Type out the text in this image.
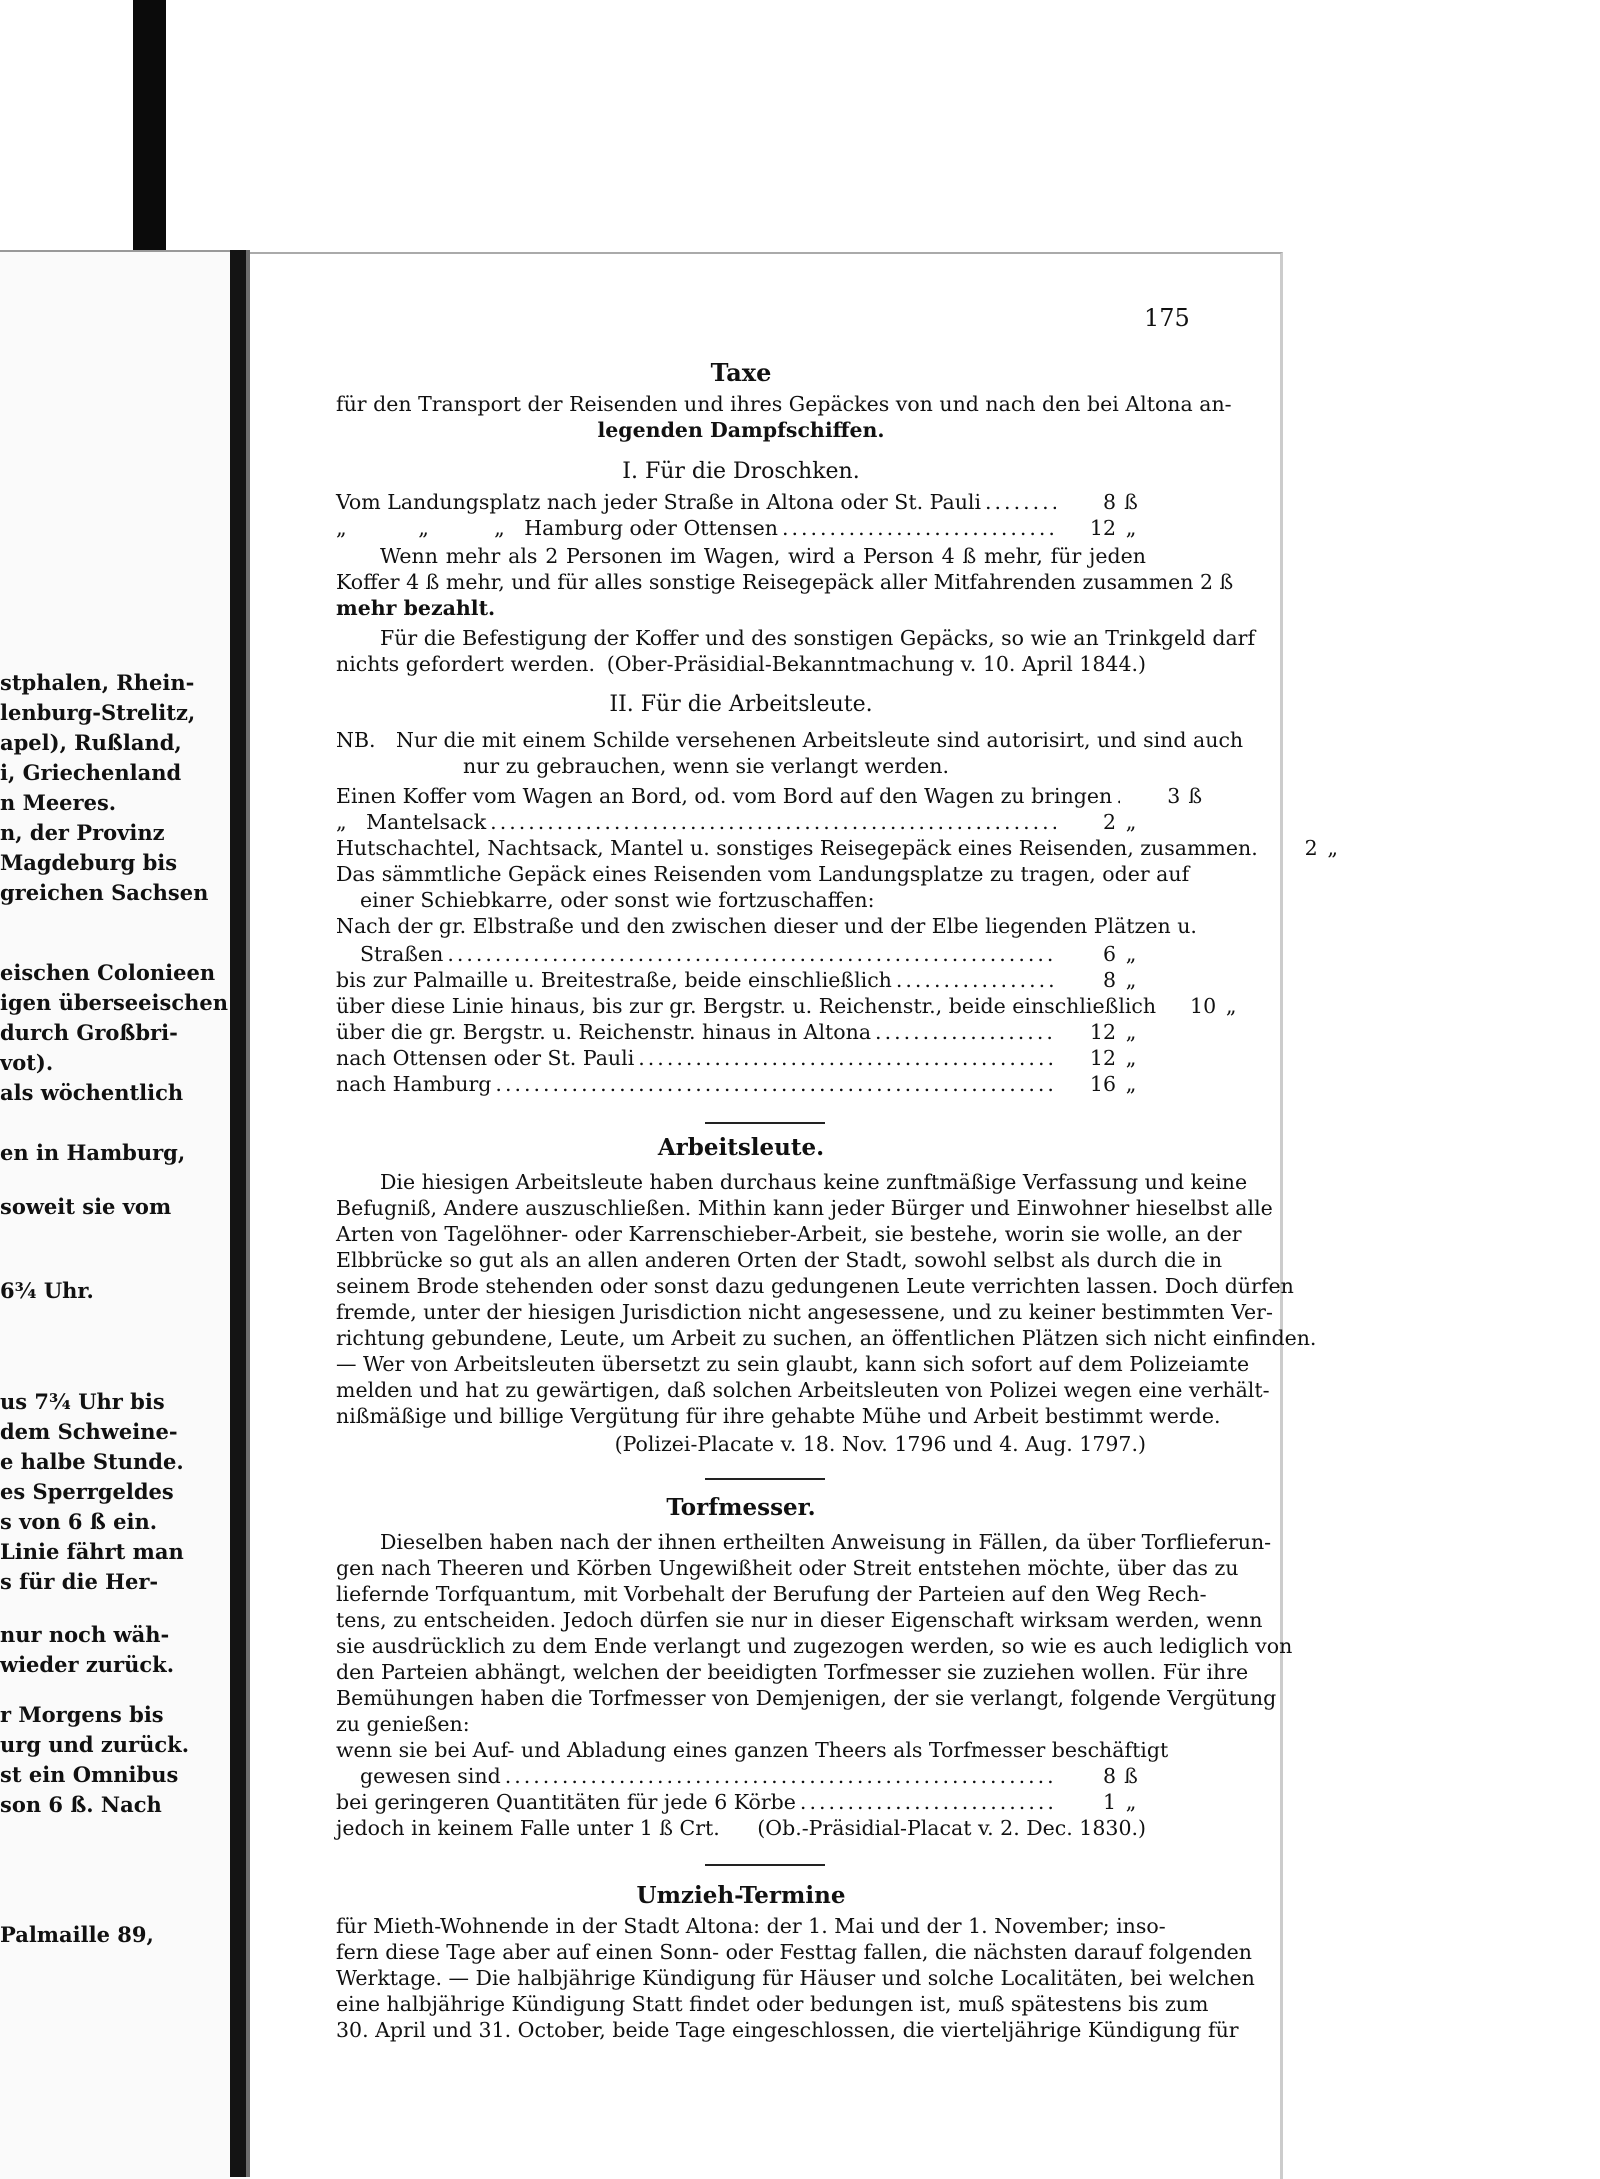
stphalen, Rhein-
lenburg-Strelitz,
apel), Rußland,
i, Griechenland
n Meeres.
n, der Provinz
Magdeburg bis
greichen Sachsen
eischen Colonieen
igen überseeischen
durch Großbri-
vot).
als wöchentlich
en in Hamburg,
soweit sie vom
6¾ Uhr.
us 7¾ Uhr bis
dem Schweine-
e halbe Stunde.
es Sperrgeldes
s von 6 ß ein.
Linie fährt man
s für die Her-
nur noch wäh-
wieder zurück.
r Morgens bis
urg und zurück.
st ein Omnibus
son 6 ß. Nach
Palmaille 89,
175
Taxe
für den Transport der Reisenden und ihres Gepäckes von und nach den bei Altona an-
legenden Dampfschiffen.
I. Für die Droschken.
Vom Landungsplatz nach jeder Straße in Altona oder St. Pauli .....	8 ß
„           „          „   Hamburg oder Ottensen .....	12 „
Wenn mehr als 2 Personen im Wagen, wird a Person 4 ß mehr, für jeden
Koffer 4 ß mehr, und für alles sonstige Reisegepäck aller Mitfahrenden zusammen 2 ß
mehr bezahlt.
Für die Befestigung der Koffer und des sonstigen Gepäcks, so wie an Trinkgeld darf
nichts gefordert werden. (Ober-Präsidial-Bekanntmachung v. 10. April 1844.)
II. Für die Arbeitsleute.
NB. Nur die mit einem Schilde versehenen Arbeitsleute sind autorisirt, und sind auch
nur zu gebrauchen, wenn sie verlangt werden.
Einen Koffer vom Wagen an Bord, od. vom Bord auf den Wagen zu bringen .....	3 ß
„   Mantelsack .....	2 „
Hutschachtel, Nachtsack, Mantel u. sonstiges Reisegepäck eines Reisenden, zusammen.	2 „
Das sämmtliche Gepäck eines Reisenden vom Landungsplatze zu tragen, oder auf
einer Schiebkarre, oder sonst wie fortzuschaffen:
Nach der gr. Elbstraße und den zwischen dieser und der Elbe liegenden Plätzen u.
Straßen .....	6 „
bis zur Palmaille u. Breitestraße, beide einschließlich .....	8 „
über diese Linie hinaus, bis zur gr. Bergstr. u. Reichenstr., beide einschließlich	10 „
über die gr. Bergstr. u. Reichenstr. hinaus in Altona .....	12 „
nach Ottensen oder St. Pauli .....	12 „
nach Hamburg .....	16 „
Arbeitsleute.
Die hiesigen Arbeitsleute haben durchaus keine zunftmäßige Verfassung und keine
Befugniß, Andere auszuschließen. Mithin kann jeder Bürger und Einwohner hieselbst alle
Arten von Tagelöhner- oder Karrenschieber-Arbeit, sie bestehe, worin sie wolle, an der
Elbbrücke so gut als an allen anderen Orten der Stadt, sowohl selbst als durch die in
seinem Brode stehenden oder sonst dazu gedungenen Leute verrichten lassen. Doch dürfen
fremde, unter der hiesigen Jurisdiction nicht angesessene, und zu keiner bestimmten Ver-
richtung gebundene, Leute, um Arbeit zu suchen, an öffentlichen Plätzen sich nicht einfinden.
— Wer von Arbeitsleuten übersetzt zu sein glaubt, kann sich sofort auf dem Polizeiamte
melden und hat zu gewärtigen, daß solchen Arbeitsleuten von Polizei wegen eine verhält-
nißmäßige und billige Vergütung für ihre gehabte Mühe und Arbeit bestimmt werde.
(Polizei-Placate v. 18. Nov. 1796 und 4. Aug. 1797.)
Torfmesser.
Dieselben haben nach der ihnen ertheilten Anweisung in Fällen, da über Torflieferun-
gen nach Theeren und Körben Ungewißheit oder Streit entstehen möchte, über das zu
liefernde Torfquantum, mit Vorbehalt der Berufung der Parteien auf den Weg Rech-
tens, zu entscheiden. Jedoch dürfen sie nur in dieser Eigenschaft wirksam werden, wenn
sie ausdrücklich zu dem Ende verlangt und zugezogen werden, so wie es auch lediglich von
den Parteien abhängt, welchen der beeidigten Torfmesser sie zuziehen wollen. Für ihre
Bemühungen haben die Torfmesser von Demjenigen, der sie verlangt, folgende Vergütung
zu genießen:
wenn sie bei Auf- und Abladung eines ganzen Theers als Torfmesser beschäftigt
gewesen sind .....	8 ß
bei geringeren Quantitäten für jede 6 Körbe .....	1 „
jedoch in keinem Falle unter 1 ß Crt.	(Ob.-Präsidial-Placat v. 2. Dec. 1830.)
Umzieh-Termine
für Mieth-Wohnende in der Stadt Altona: der 1. Mai und der 1. November; inso-
fern diese Tage aber auf einen Sonn- oder Festtag fallen, die nächsten darauf folgenden
Werktage. — Die halbjährige Kündigung für Häuser und solche Localitäten, bei welchen
eine halbjährige Kündigung Statt findet oder bedungen ist, muß spätestens bis zum
30. April und 31. October, beide Tage eingeschlossen, die vierteljährige Kündigung für
